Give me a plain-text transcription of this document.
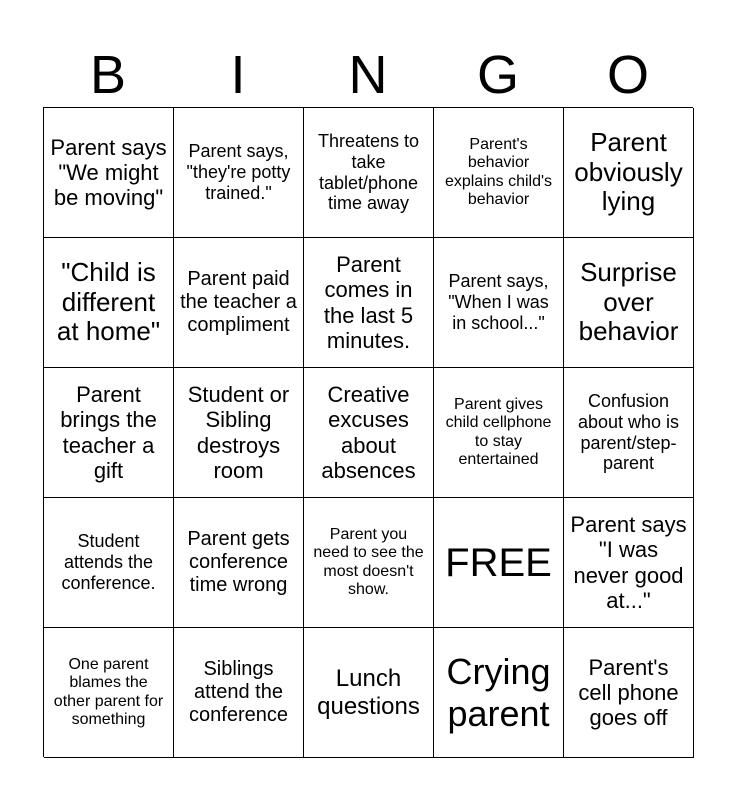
B	I	N	G	O
Parent says "We might be moving"
Parent says, "they're potty trained."
Threatens to take tablet/phone time away
Parent's behavior explains child's behavior
Parent obviously lying
"Child is different at home"
Parent paid the teacher a compliment
Parent comes in the last 5 minutes.
Parent says, "When I was in school..."
Surprise over behavior
Parent brings the teacher a gift
Student or Sibling destroys room
Creative excuses about absences
Parent gives child cellphone to stay entertained
Confusion about who is parent/step-parent
Student attends the conference.
Parent gets conference time wrong
Parent you need to see the most doesn't show.
FREE
Parent says "I was never good at..."
One parent blames the other parent for something
Siblings attend the conference
Lunch questions
Crying parent
Parent's cell phone goes off
